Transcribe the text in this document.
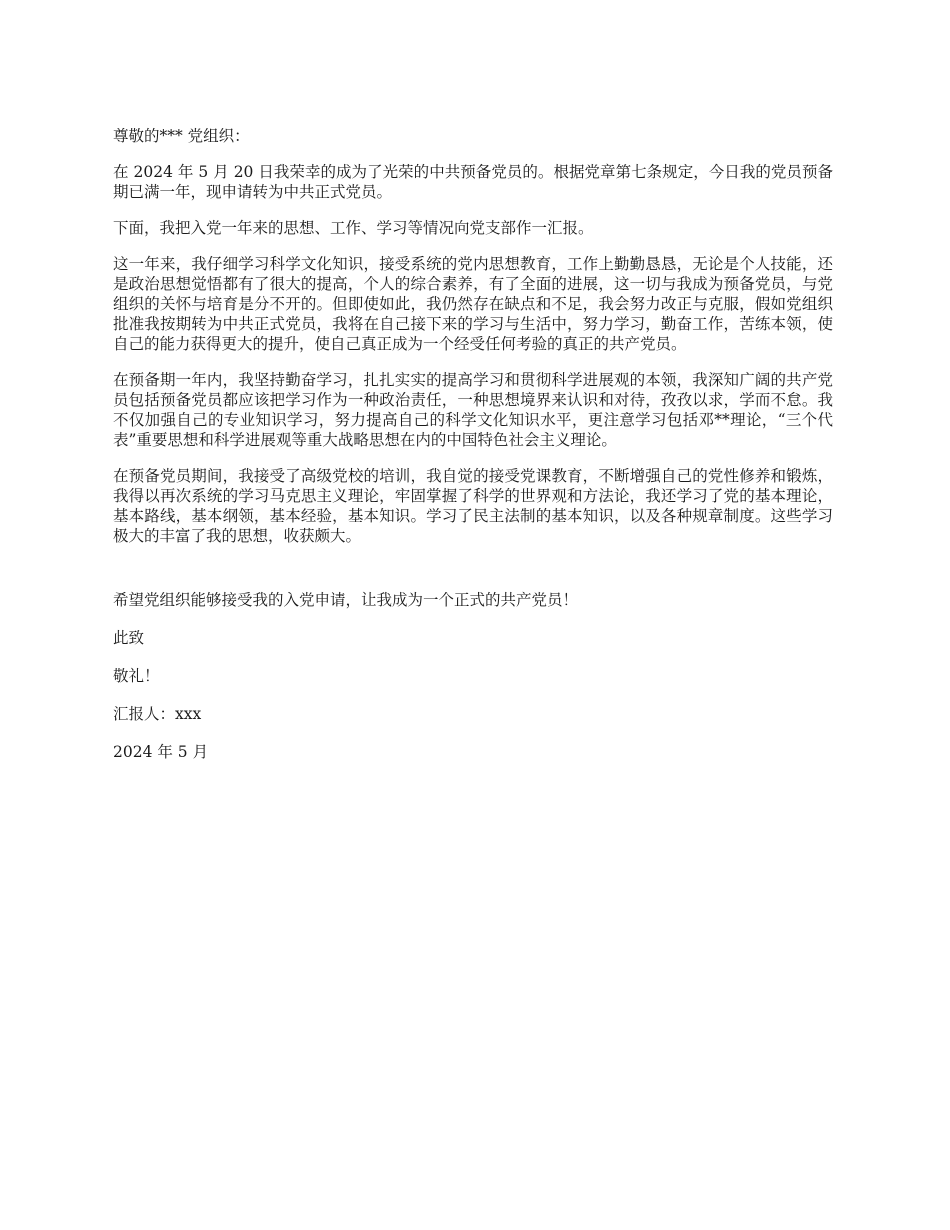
尊敬的*** 党组织：

在 2024 年 5 月 20 日我荣幸的成为了光荣的中共预备党员的。根据党章第七条规定，今日我的党员预备期已满一年，现申请转为中共正式党员。

下面，我把入党一年来的思想、工作、学习等情况向党支部作一汇报。

这一年来，我仔细学习科学文化知识，接受系统的党内思想教育，工作上勤勤恳恳，无论是个人技能，还是政治思想觉悟都有了很大的提高，个人的综合素养，有了全面的进展，这一切与我成为预备党员，与党组织的关怀与培育是分不开的。但即使如此，我仍然存在缺点和不足，我会努力改正与克服，假如党组织批准我按期转为中共正式党员，我将在自己接下来的学习与生活中，努力学习，勤奋工作，苦练本领，使自己的能力获得更大的提升，使自己真正成为一个经受任何考验的真正的共产党员。

在预备期一年内，我坚持勤奋学习，扎扎实实的提高学习和贯彻科学进展观的本领，我深知广阔的共产党员包括预备党员都应该把学习作为一种政治责任，一种思想境界来认识和对待，孜孜以求，学而不怠。我不仅加强自己的专业知识学习，努力提高自己的科学文化知识水平，更注意学习包括邓**理论，“三个代表”重要思想和科学进展观等重大战略思想在内的中国特色社会主义理论。

在预备党员期间，我接受了高级党校的培训，我自觉的接受党课教育，不断增强自己的党性修养和锻炼，我得以再次系统的学习马克思主义理论，牢固掌握了科学的世界观和方法论，我还学习了党的基本理论，基本路线，基本纲领，基本经验，基本知识。学习了民主法制的基本知识，以及各种规章制度。这些学习极大的丰富了我的思想，收获颇大。

希望党组织能够接受我的入党申请，让我成为一个正式的共产党员！

此致

敬礼！

汇报人：xxx

2024 年 5 月
